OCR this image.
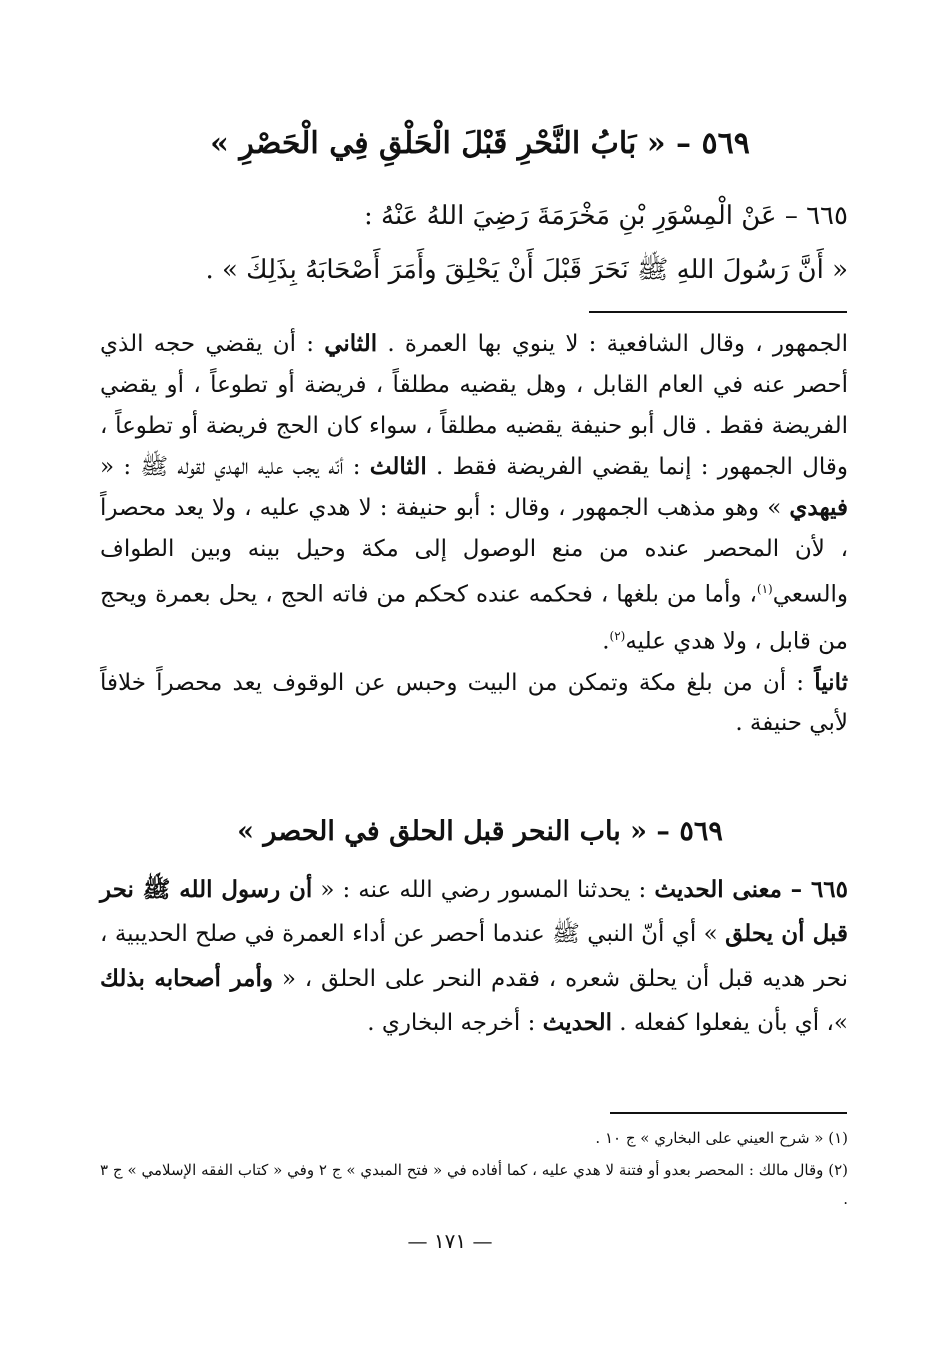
٥٦٩ – « بَابُ النَّحْرِ قَبْلَ الْحَلْقِ فِي الْحَصْرِ »
٦٦٥ – عَنْ الْمِسْوَرِ بْنِ مَخْرَمَةَ رَضِيَ اللهُ عَنْهُ :
« أَنَّ رَسُولَ اللهِ ﷺ نَحَرَ قَبْلَ أَنْ يَحْلِقَ وأَمَرَ أَصْحَابَهُ بِذَلِكَ » .

الجمهور ، وقال الشافعية : لا ينوي بها العمرة . الثاني : أن يقضي حجه الذي أحصر عنه في العام القابل ، وهل يقضيه مطلقاً ، فريضة أو تطوعاً ، أو يقضي الفريضة فقط . قال أبو حنيفة يقضيه مطلقاً ، سواء كان الحج فريضة أو تطوعاً ، وقال الجمهور : إنما يقضي الفريضة فقط . الثالث : أنّه يجب عليه الهدي لقوله ﷺ : « فيهدي » وهو مذهب الجمهور ، وقال : أبو حنيفة : لا هدي عليه ، ولا يعد محصراً ، لأن المحصر عنده من منع الوصول إلى مكة وحيل بينه وبين الطواف والسعي$^{(١)}$، وأما من بلغها ، فحكمه عنده كحكم من فاته الحج ، يحل بعمرة ويحج من قابل ، ولا هدي عليه$^{(٢)}$.

ثانياً : أن من بلغ مكة وتمكن من البيت وحبس عن الوقوف يعد محصراً خلافاً لأبي حنيفة .

٥٦٩ – « باب النحر قبل الحلق في الحصر »

٦٦٥ – معنى الحديث : يحدثنا المسور رضي الله عنه : « أن رسول الله ﷺ نحر قبل أن يحلق » أي أنّ النبي ﷺ عندما أحصر عن أداء العمرة في صلح الحديبية ، نحر هديه قبل أن يحلق شعره ، فقدم النحر على الحلق ، « وأمر أصحابه بذلك »، أي بأن يفعلوا كفعله . الحديث : أخرجه البخاري .

(١) « شرح العيني على البخاري » ج ١٠ .
(٢) وقال مالك : المحصر بعدو أو فتنة لا هدي عليه ، كما أفاده في « فتح المبدي » ج ٢ وفي « كتاب الفقه الإسلامي » ج ٣ .
— ١٧١ —
